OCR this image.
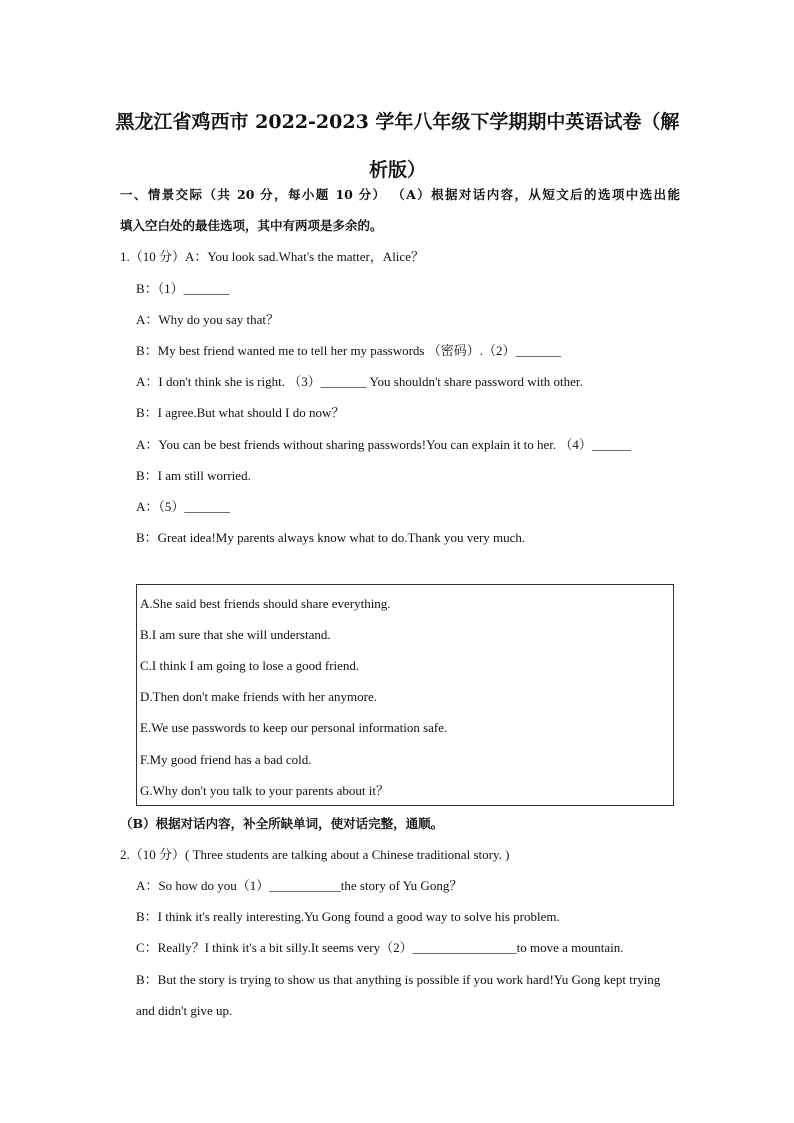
黑龙江省鸡西市 2022-2023 学年八年级下学期期中英语试卷（解析版）

一、情景交际（共 20 分，每小题 10 分） （A）根据对话内容，从短文后的选项中选出能

填入空白处的最佳选项，其中有两项是多余的。

1.（10 分）A：You look sad.What's the matter，Alice？

B：（1）_______

A：Why do you say that？

B：My best friend wanted me to tell her my passwords （密码）.（2）_______

A：I don't think she is right. （3）_______ You shouldn't share password with other.

B：I agree.But what should I do now？

A：You can be best friends without sharing passwords!You can explain it to her. （4）______

B：I am still worried.

A：（5）_______

B：Great idea!My parents always know what to do.Thank you very much.

A.She said best friends should share everything.

B.I am sure that she will understand.

C.I think I am going to lose a good friend.

D.Then don't make friends with her anymore.

E.We use passwords to keep our personal information safe.

F.My good friend has a bad cold.

G.Why don't you talk to your parents about it？

（B）根据对话内容，补全所缺单词，使对话完整，通顺。

2.（10 分）( Three students are talking about a Chinese traditional story. )

A：So how do you（1）___________the story of Yu Gong？

B：I think it's really interesting.Yu Gong found a good way to solve his problem.

C：Really？I think it's a bit silly.It seems very（2）________________to move a mountain.

B：But the story is trying to show us that anything is possible if you work hard!Yu Gong kept trying and didn't give up.
